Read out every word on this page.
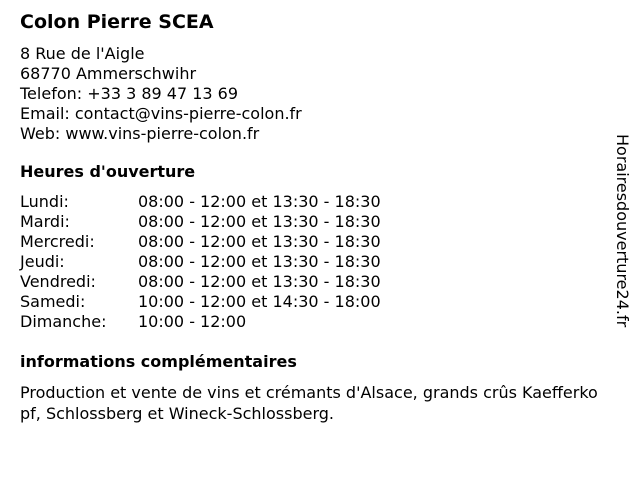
Colon Pierre SCEA
8 Rue de l'Aigle
68770 Ammerschwihr
Telefon: +33 3 89 47 13 69
Email: contact@vins-pierre-colon.fr
Web: www.vins-pierre-colon.fr
Heures d'ouverture
Lundi:	08:00 - 12:00 et 13:30 - 18:30
Mardi:	08:00 - 12:00 et 13:30 - 18:30
Mercredi:	08:00 - 12:00 et 13:30 - 18:30
Jeudi:	08:00 - 12:00 et 13:30 - 18:30
Vendredi:	08:00 - 12:00 et 13:30 - 18:30
Samedi:	10:00 - 12:00 et 14:30 - 18:00
Dimanche:	10:00 - 12:00
informations complémentaires
Production et vente de vins et crémants d'Alsace, grands crûs Kaefferkopf, Schlossberg et Wineck-Schlossberg.
Horairesdouverture24.fr
